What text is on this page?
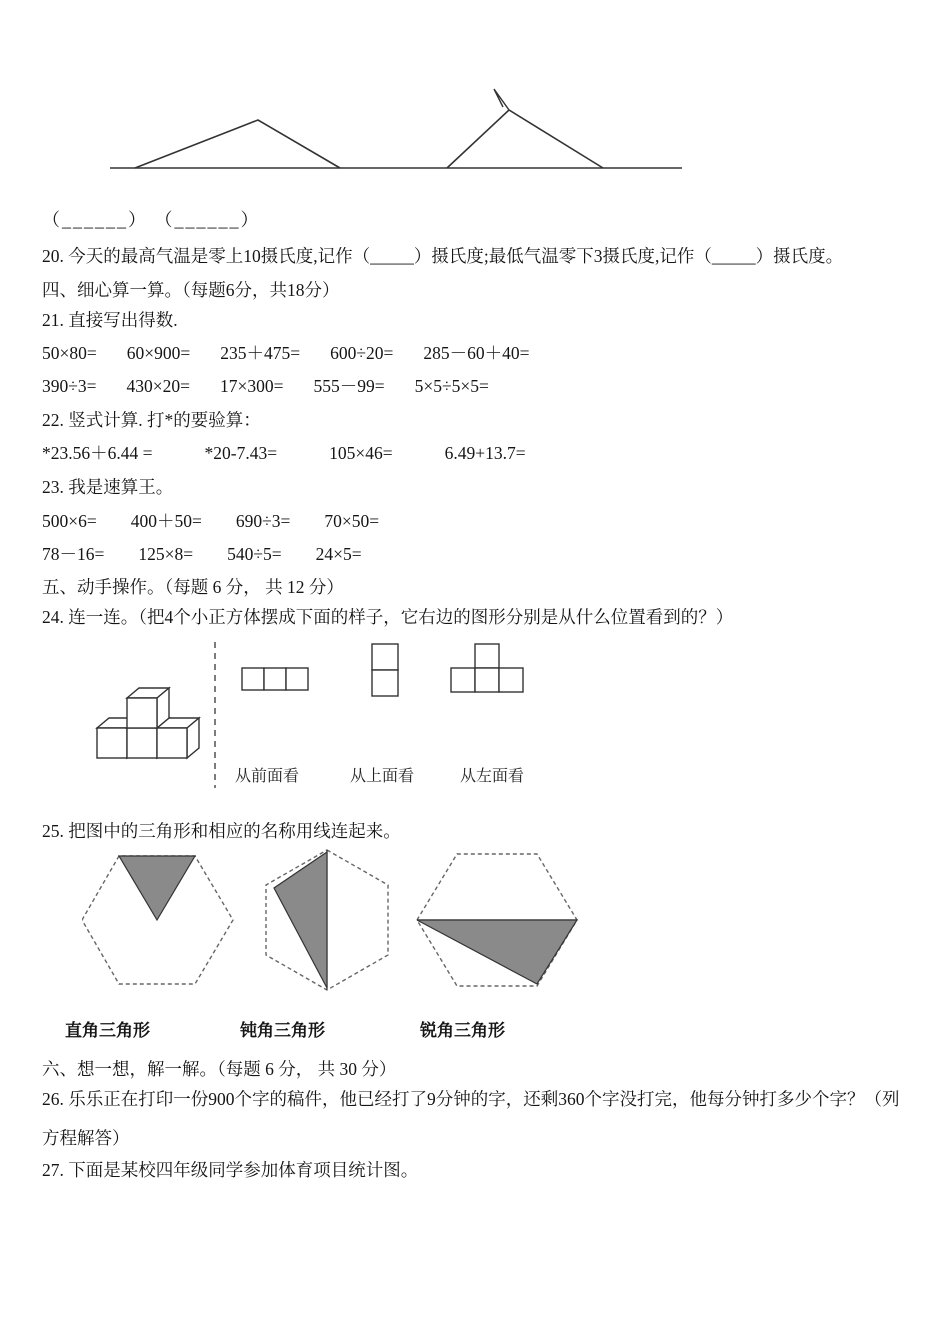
（______） （______）

20. 今天的最高气温是零上10摄氏度,记作（_____）摄氏度;最低气温零下3摄氏度,记作（_____）摄氏度。

四、细心算一算。（每题6分，共18分）

21. 直接写出得数.

50×80= 60×900= 235＋475= 600÷20= 285－60＋40=
390÷3= 430×20= 17×300= 555－99= 5×5÷5×5=

22. 竖式计算. 打*的要验算：

*23.56＋6.44 =	*20-7.43=	105×46=	6.49+13.7=

23. 我是速算王。

500×6= 400＋50= 690÷3= 70×50=
78－16= 125×8= 540÷5= 24×5=

五、动手操作。（每题 6 分， 共 12 分）

24. 连一连。（把4个小正方体摆成下面的样子，它右边的图形分别是从什么位置看到的？）

从前面看	从上面看	从左面看

25. 把图中的三角形和相应的名称用线连起来。

直角三角形	钝角三角形	锐角三角形

六、想一想，解一解。（每题 6 分， 共 30 分）

26. 乐乐正在打印一份900个字的稿件，他已经打了9分钟的字，还剩360个字没打完，他每分钟打多少个字？（列

方程解答）

27. 下面是某校四年级同学参加体育项目统计图。
